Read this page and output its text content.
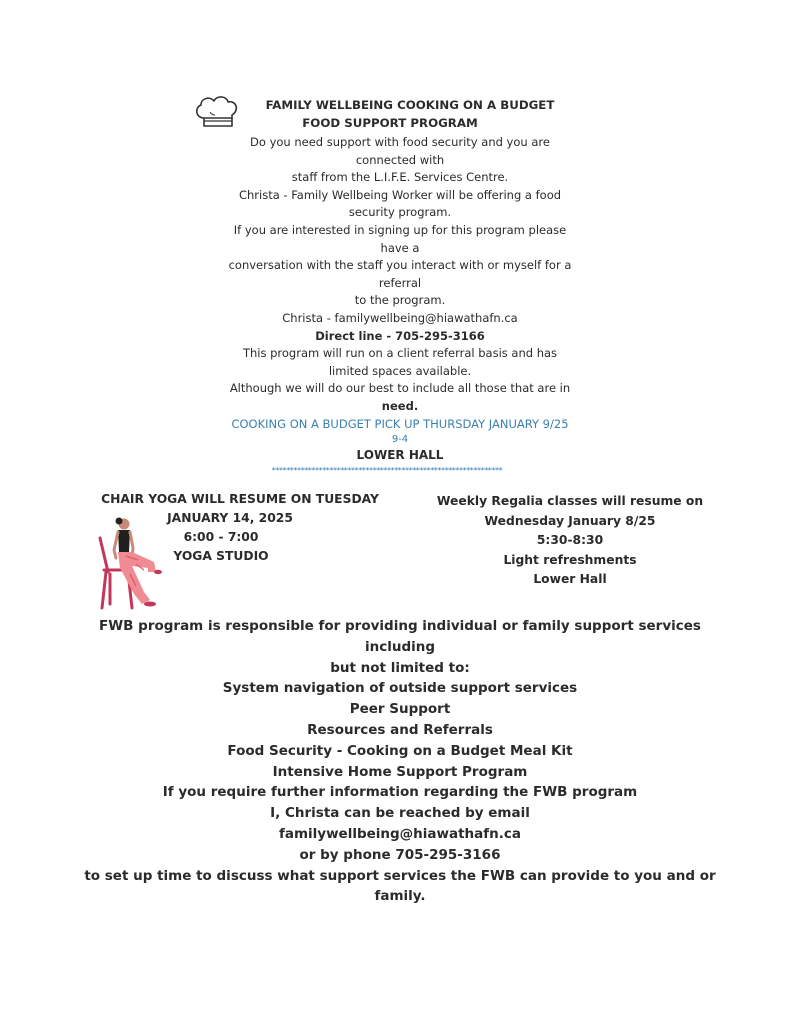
FAMILY WELLBEING COOKING ON A BUDGET
FOOD SUPPORT PROGRAM
Do you need support with food security and you are
connected with
staff from the L.I.F.E. Services Centre.
Christa - Family Wellbeing Worker will be offering a food
security program.
If you are interested in signing up for this program please
have a
conversation with the staff you interact with or myself for a
referral
to the program.
Christa - familywellbeing@hiawathafn.ca
Direct line - 705-295-3166
This program will run on a client referral basis and has
limited spaces available.
Although we will do our best to include all those that are in
need.
COOKING ON A BUDGET PICK UP THURSDAY JANUARY 9/25
9-4
LOWER HALL
****************************************************************
CHAIR YOGA WILL RESUME ON TUESDAY
JANUARY 14, 2025
6:00 - 7:00
YOGA STUDIO
Weekly Regalia classes will resume on
Wednesday January 8/25
5:30-8:30
Light refreshments
Lower Hall
FWB program is responsible for providing individual or family support services
including
but not limited to:
System navigation of outside support services
Peer Support
Resources and Referrals
Food Security - Cooking on a Budget Meal Kit
Intensive Home Support Program
If you require further information regarding the FWB program
I, Christa can be reached by email
familywellbeing@hiawathafn.ca
or by phone 705-295-3166
to set up time to discuss what support services the FWB can provide to you and or
family.
